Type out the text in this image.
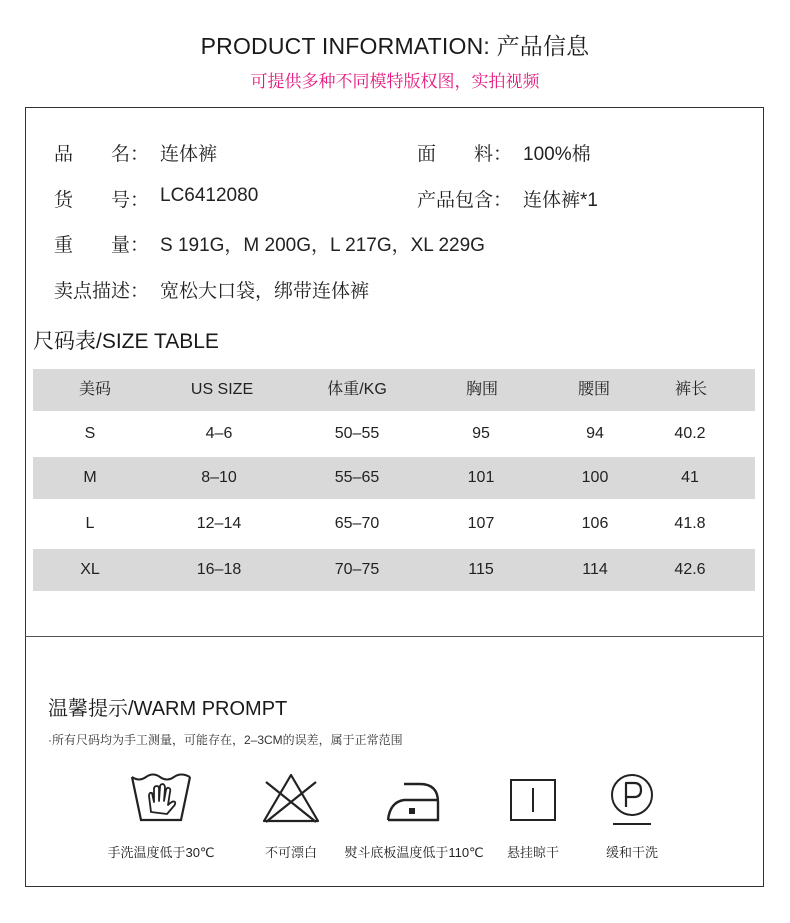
PRODUCT INFORMATION: 产品信息
可提供多种不同模特版权图，实拍视频
品　　名： 连体裤	面　　料： 100%棉
货　　号： LC6412080	产品包含： 连体裤*1
重　　量： S 191G，M 200G，L 217G，XL 229G
卖点描述： 宽松大口袋，绑带连体裤
尺码表/SIZE TABLE
美码	US SIZE	体重/KG	胸围	腰围	裤长
S	4–6	50–55	95	94	40.2
M	8–10	55–65	101	100	41
L	12–14	65–70	107	106	41.8
XL	16–18	70–75	115	114	42.6
温馨提示/WARM PROMPT
·所有尺码均为手工测量，可能存在，2–3CM的误差，属于正常范围
手洗温度低于30℃	不可漂白	熨斗底板温度低于110℃	悬挂晾干	缓和干洗
